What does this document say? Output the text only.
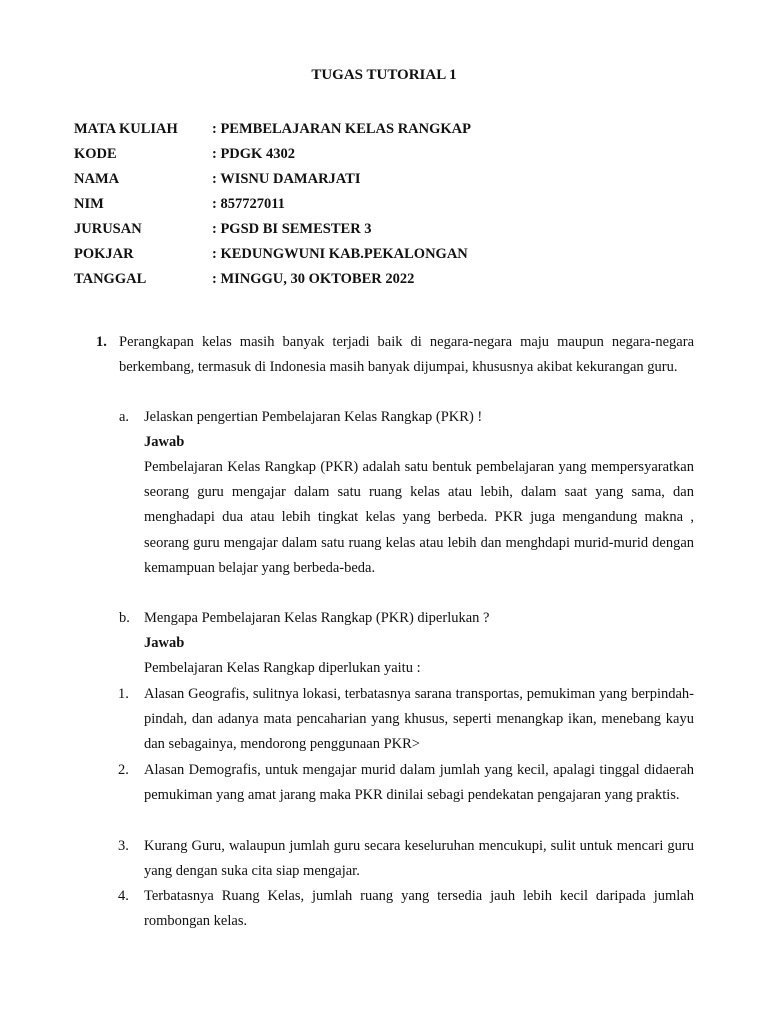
TUGAS TUTORIAL 1
MATA KULIAH : PEMBELAJARAN KELAS RANGKAP
KODE	: PDGK 4302
NAMA	: WISNU DAMARJATI
NIM	: 857727011
JURUSAN	: PGSD BI SEMESTER 3
POKJAR	: KEDUNGWUNI KAB.PEKALONGAN
TANGGAL	: MINGGU, 30 OKTOBER 2022
1. Perangkapan kelas masih banyak terjadi baik di negara-negara maju maupun negara-negara berkembang, termasuk di Indonesia masih banyak dijumpai, khususnya akibat kekurangan guru.
a. Jelaskan pengertian Pembelajaran Kelas Rangkap (PKR) !
Jawab
Pembelajaran Kelas Rangkap (PKR) adalah satu bentuk pembelajaran yang mempersyaratkan seorang guru mengajar dalam satu ruang kelas atau lebih, dalam saat yang sama, dan menghadapi dua atau lebih tingkat kelas yang berbeda. PKR juga mengandung makna , seorang guru mengajar dalam satu ruang kelas atau lebih dan menghdapi murid-murid dengan kemampuan belajar yang berbeda-beda.
b. Mengapa Pembelajaran Kelas Rangkap (PKR) diperlukan ?
Jawab
Pembelajaran Kelas Rangkap diperlukan yaitu :
1. Alasan Geografis, sulitnya lokasi, terbatasnya sarana transportas, pemukiman yang berpindah-pindah, dan adanya mata pencaharian yang khusus, seperti menangkap ikan, menebang kayu dan sebagainya, mendorong penggunaan PKR>
2. Alasan Demografis, untuk mengajar murid dalam jumlah yang kecil, apalagi tinggal didaerah pemukiman yang amat jarang maka PKR dinilai sebagi pendekatan pengajaran yang praktis.
3. Kurang Guru, walaupun jumlah guru secara keseluruhan mencukupi, sulit untuk mencari guru yang dengan suka cita siap mengajar.
4. Terbatasnya Ruang Kelas, jumlah ruang yang tersedia jauh lebih kecil daripada jumlah rombongan kelas.
